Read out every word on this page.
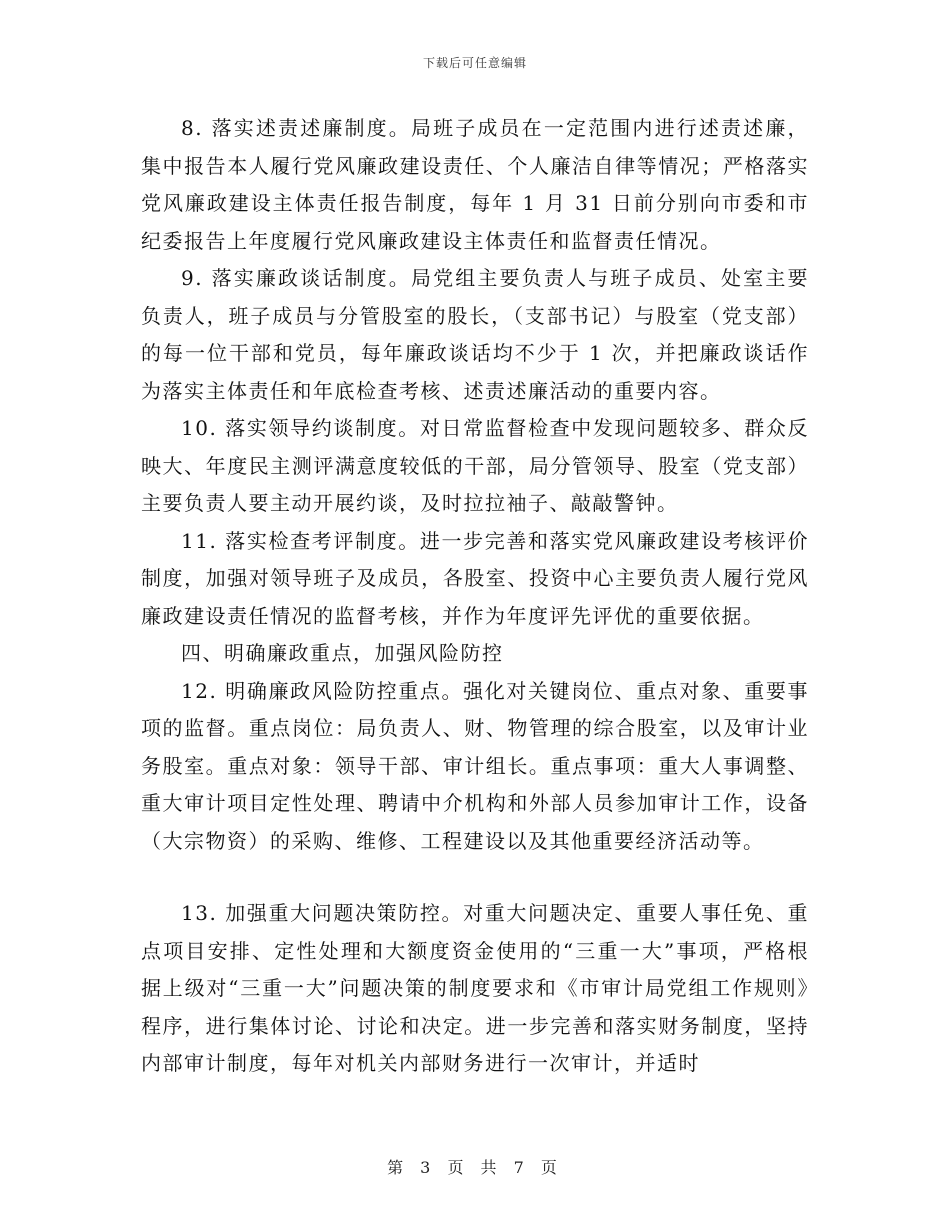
下载后可任意编辑

8. 落实述责述廉制度。局班子成员在一定范围内进行述责述廉，集中报告本人履行党风廉政建设责任、个人廉洁自律等情况；严格落实党风廉政建设主体责任报告制度，每年 1 月 31 日前分别向市委和市纪委报告上年度履行党风廉政建设主体责任和监督责任情况。

9. 落实廉政谈话制度。局党组主要负责人与班子成员、处室主要负责人，班子成员与分管股室的股长，（支部书记）与股室（党支部）的每一位干部和党员，每年廉政谈话均不少于 1 次，并把廉政谈话作为落实主体责任和年底检查考核、述责述廉活动的重要内容。

10. 落实领导约谈制度。对日常监督检查中发现问题较多、群众反映大、年度民主测评满意度较低的干部，局分管领导、股室（党支部）主要负责人要主动开展约谈，及时拉拉袖子、敲敲警钟。

11. 落实检查考评制度。进一步完善和落实党风廉政建设考核评价制度，加强对领导班子及成员，各股室、投资中心主要负责人履行党风廉政建设责任情况的监督考核，并作为年度评先评优的重要依据。

四、明确廉政重点，加强风险防控

12. 明确廉政风险防控重点。强化对关键岗位、重点对象、重要事项的监督。重点岗位：局负责人、财、物管理的综合股室，以及审计业务股室。重点对象：领导干部、审计组长。重点事项：重大人事调整、重大审计项目定性处理、聘请中介机构和外部人员参加审计工作，设备（大宗物资）的采购、维修、工程建设以及其他重要经济活动等。

13. 加强重大问题决策防控。对重大问题决定、重要人事任免、重点项目安排、定性处理和大额度资金使用的“三重一大”事项，严格根据上级对“三重一大”问题决策的制度要求和《市审计局党组工作规则》程序，进行集体讨论、讨论和决定。进一步完善和落实财务制度，坚持内部审计制度，每年对机关内部财务进行一次审计，并适时

第 3 页 共 7 页
